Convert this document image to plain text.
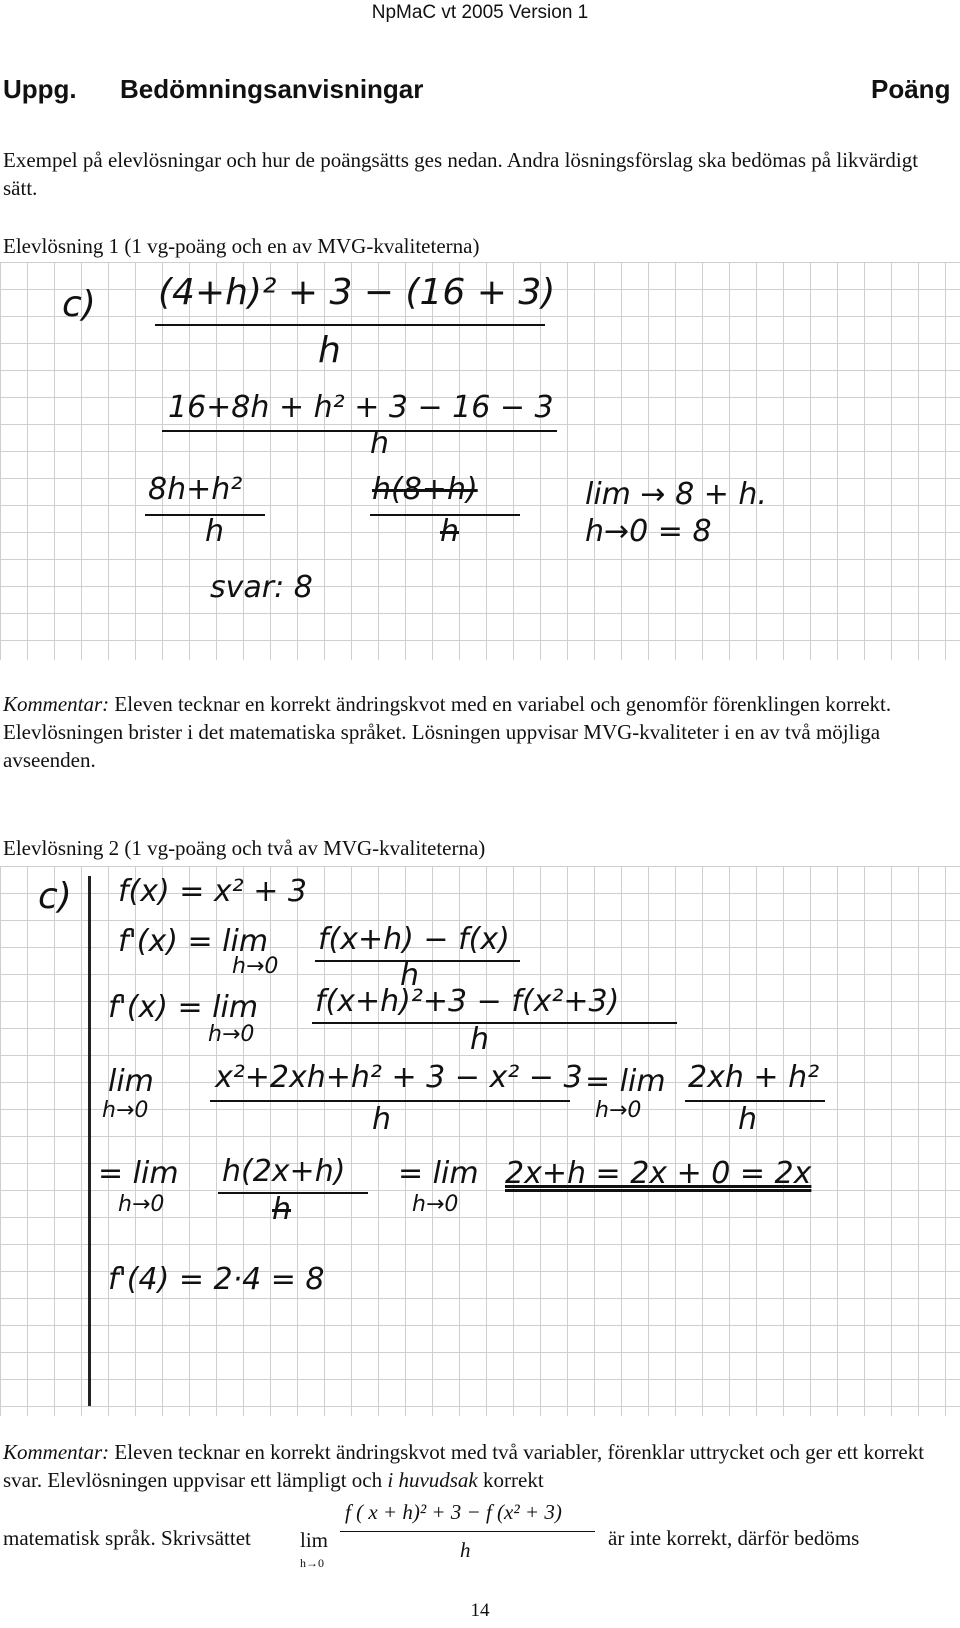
NpMaC vt 2005 Version 1
Uppg. Bedömningsanvisningar	Poäng
Exempel på elevlösningar och hur de poängsätts ges nedan. Andra lösningsförslag ska bedömas på likvärdigt sätt.
Elevlösning 1 (1 vg-poäng och en av MVG-kvaliteterna)
c) (4+h)² + 3 − (16 + 3)
h
16+8h + h² + 3 − 16 − 3
h
8h+h²
h
h(8+h)
h
lim → 8 + h.
h→0 = 8
svar: 8
Kommentar: Eleven tecknar en korrekt ändringskvot med en variabel och genomför förenklingen korrekt. Elevlösningen brister i det matematiska språket. Lösningen uppvisar MVG-kvaliteter i en av två möjliga avseenden.
Elevlösning 2 (1 vg-poäng och två av MVG-kvaliteterna)
c) f(x) = x² + 3
f'(x) = lim
h→0
f(x+h) − f(x)
h
f'(x) = lim
h→0
f(x+h)²+3 − f(x²+3)
h
lim
h→0
x²+2xh+h² + 3 − x² − 3
h
= lim
h→0
2xh + h²
h
= lim
h→0
h(2x+h)
h
= lim
h→0
2x+h = 2x + 0 = 2x
f'(4) = 2·4 = 8
Kommentar: Eleven tecknar en korrekt ändringskvot med två variabler, förenklar uttrycket och ger ett korrekt svar. Elevlösningen uppvisar ett lämpligt och i huvudsak korrekt
matematisk språk. Skrivsättet lim
h→0
f ( x + h)² + 3 − f (x² + 3)
h	är inte korrekt, därför bedöms
14
